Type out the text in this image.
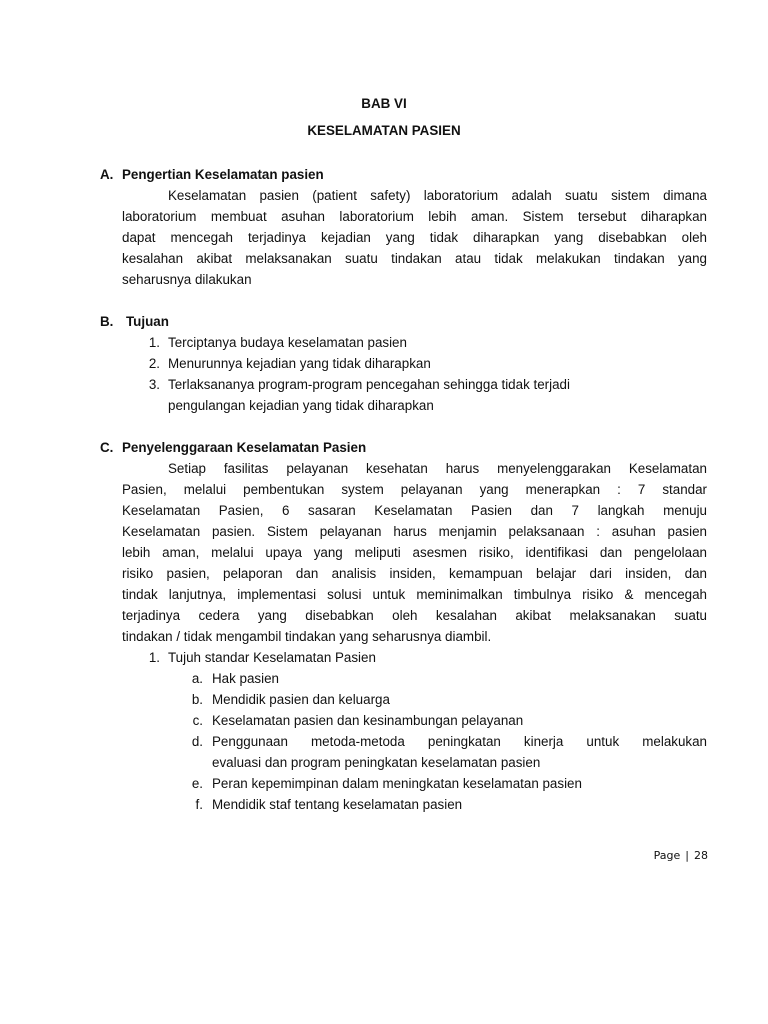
BAB VI
KESELAMATAN PASIEN
A. Pengertian Keselamatan pasien
Keselamatan pasien (patient safety) laboratorium adalah suatu sistem dimana
laboratorium membuat asuhan laboratorium lebih aman. Sistem tersebut diharapkan
dapat mencegah terjadinya kejadian yang tidak diharapkan yang disebabkan oleh
kesalahan akibat melaksanakan suatu tindakan atau tidak melakukan tindakan yang
seharusnya dilakukan
B. Tujuan
1. Terciptanya budaya keselamatan pasien
2. Menurunnya kejadian yang tidak diharapkan
3. Terlaksananya program-program pencegahan sehingga tidak terjadi
pengulangan kejadian yang tidak diharapkan
C. Penyelenggaraan Keselamatan Pasien
Setiap fasilitas pelayanan kesehatan harus menyelenggarakan Keselamatan
Pasien, melalui pembentukan system pelayanan yang menerapkan : 7 standar
Keselamatan Pasien, 6 sasaran Keselamatan Pasien dan 7 langkah menuju
Keselamatan pasien. Sistem pelayanan harus menjamin pelaksanaan : asuhan pasien
lebih aman, melalui upaya yang meliputi asesmen risiko, identifikasi dan pengelolaan
risiko pasien, pelaporan dan analisis insiden, kemampuan belajar dari insiden, dan
tindak lanjutnya, implementasi solusi untuk meminimalkan timbulnya risiko & mencegah
terjadinya cedera yang disebabkan oleh kesalahan akibat melaksanakan suatu
tindakan / tidak mengambil tindakan yang seharusnya diambil.
1. Tujuh standar Keselamatan Pasien
a. Hak pasien
b. Mendidik pasien dan keluarga
c. Keselamatan pasien dan kesinambungan pelayanan
d. Penggunaan metoda-metoda peningkatan kinerja untuk melakukan
evaluasi dan program peningkatan keselamatan pasien
e. Peran kepemimpinan dalam meningkatan keselamatan pasien
f. Mendidik staf tentang keselamatan pasien
Page | 28
